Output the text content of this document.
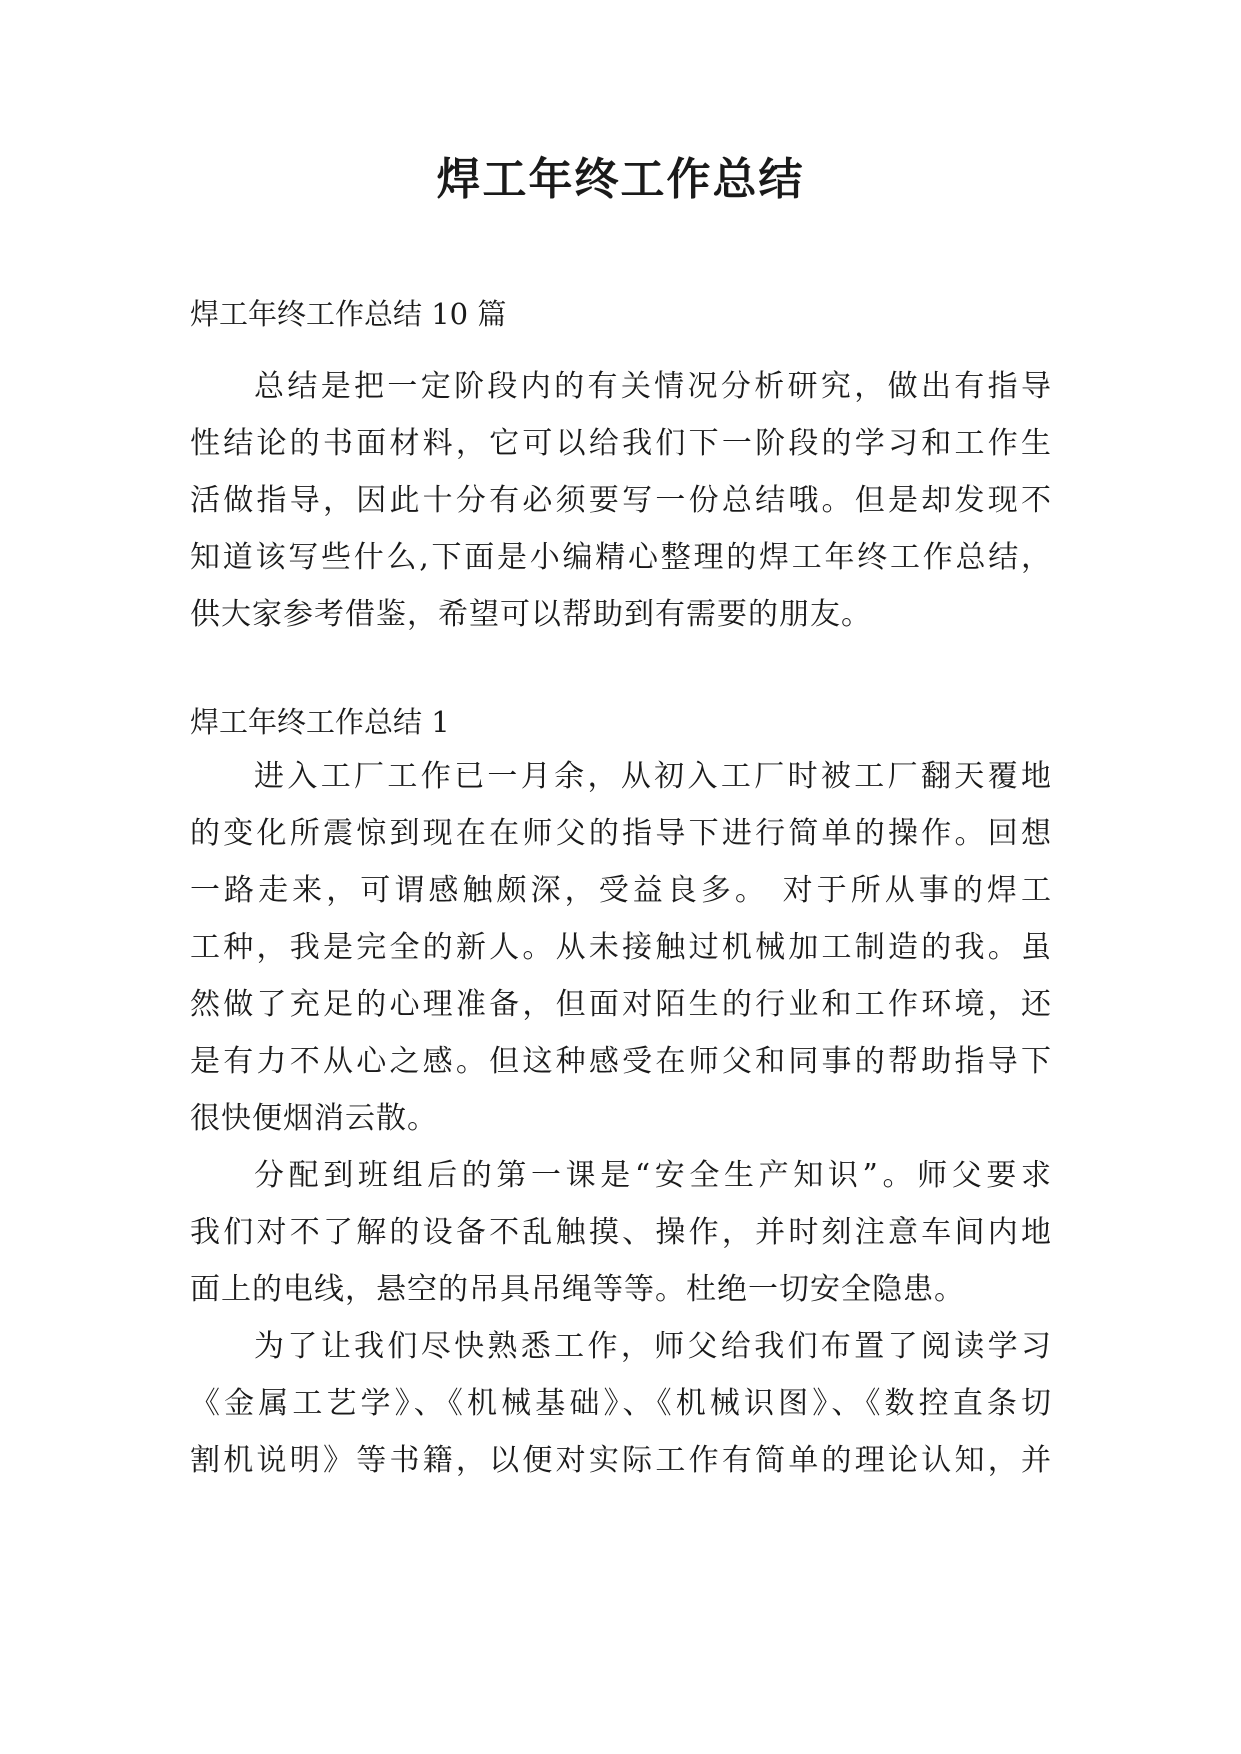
焊工年终工作总结

焊工年终工作总结 10 篇

总结是把一定阶段内的有关情况分析研究，做出有指导
性结论的书面材料，它可以给我们下一阶段的学习和工作生
活做指导，因此十分有必须要写一份总结哦。但是却发现不
知道该写些什么,下面是小编精心整理的焊工年终工作总结，
供大家参考借鉴，希望可以帮助到有需要的朋友。

焊工年终工作总结 1

进入工厂工作已一月余，从初入工厂时被工厂翻天覆地
的变化所震惊到现在在师父的指导下进行简单的操作。回想
一路走来，可谓感触颇深，受益良多。 对于所从事的焊工
工种，我是完全的新人。从未接触过机械加工制造的我。虽
然做了充足的心理准备，但面对陌生的行业和工作环境，还
是有力不从心之感。但这种感受在师父和同事的帮助指导下
很快便烟消云散。
分配到班组后的第一课是“安全生产知识”。师父要求
我们对不了解的设备不乱触摸、操作，并时刻注意车间内地
面上的电线，悬空的吊具吊绳等等。杜绝一切安全隐患。
为了让我们尽快熟悉工作，师父给我们布置了阅读学习
《金属工艺学》、《机械基础》、《机械识图》、《数控直条切
割机说明》等书籍，以便对实际工作有简单的理论认知，并
